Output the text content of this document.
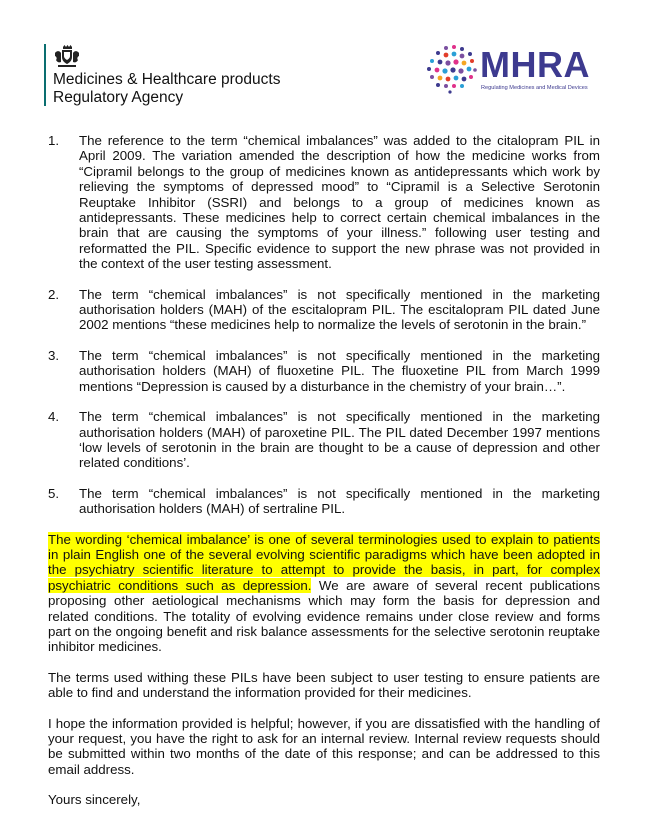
Medicines & Healthcare products
Regulatory Agency
MHRA
Regulating Medicines and Medical Devices
1.	The reference to the term “chemical imbalances” was added to the citalopram PIL in April 2009. The variation amended the description of how the medicine works from “Cipramil belongs to the group of medicines known as antidepressants which work by relieving the symptoms of depressed mood” to “Cipramil is a Selective Serotonin Reuptake Inhibitor (SSRI) and belongs to a group of medicines known as antidepressants. These medicines help to correct certain chemical imbalances in the brain that are causing the symptoms of your illness.” following user testing and reformatted the PIL. Specific evidence to support the new phrase was not provided in the context of the user testing assessment.
2.	The term “chemical imbalances” is not specifically mentioned in the marketing authorisation holders (MAH) of the escitalopram PIL. The escitalopram PIL dated June 2002 mentions “these medicines help to normalize the levels of serotonin in the brain.”
3.	The term “chemical imbalances” is not specifically mentioned in the marketing authorisation holders (MAH) of fluoxetine PIL. The fluoxetine PIL from March 1999 mentions “Depression is caused by a disturbance in the chemistry of your brain…”.
4.	The term “chemical imbalances” is not specifically mentioned in the marketing authorisation holders (MAH) of paroxetine PIL. The PIL dated December 1997 mentions ‘low levels of serotonin in the brain are thought to be a cause of depression and other related conditions’.
5.	The term “chemical imbalances” is not specifically mentioned in the marketing authorisation holders (MAH) of sertraline PIL.

The wording ‘chemical imbalance’ is one of several terminologies used to explain to patients in plain English one of the several evolving scientific paradigms which have been adopted in the psychiatry scientific literature to attempt to provide the basis, in part, for complex psychiatric conditions such as depression. We are aware of several recent publications proposing other aetiological mechanisms which may form the basis for depression and related conditions. The totality of evolving evidence remains under close review and forms part on the ongoing benefit and risk balance assessments for the selective serotonin reuptake inhibitor medicines.

The terms used withing these PILs have been subject to user testing to ensure patients are able to find and understand the information provided for their medicines.

I hope the information provided is helpful; however, if you are dissatisfied with the handling of your request, you have the right to ask for an internal review. Internal review requests should be submitted within two months of the date of this response; and can be addressed to this email address.

Yours sincerely,
